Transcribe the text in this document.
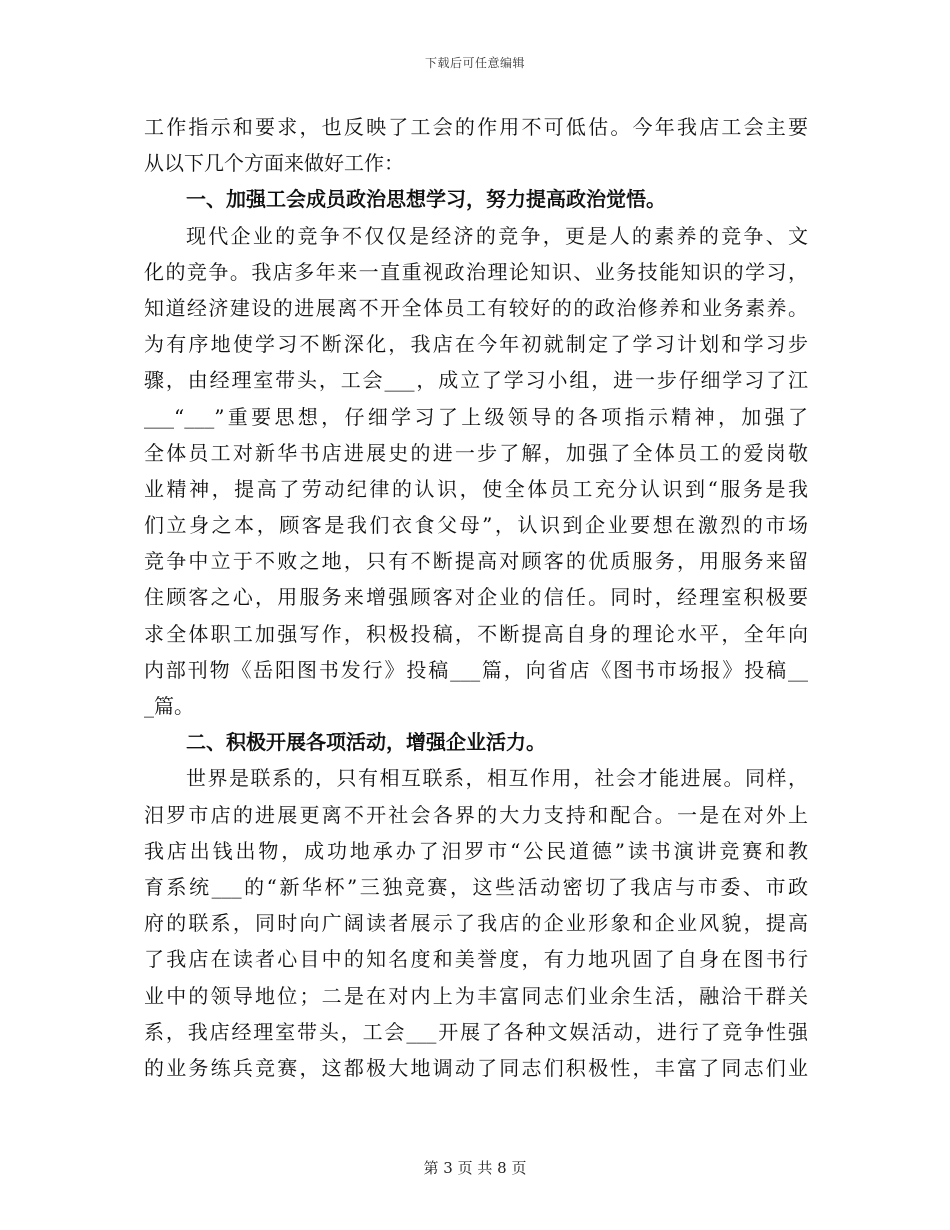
下载后可任意编辑
工作指示和要求，也反映了工会的作用不可低估。今年我店工会主要
从以下几个方面来做好工作：
一、加强工会成员政治思想学习，努力提高政治觉悟。
现代企业的竞争不仅仅是经济的竞争，更是人的素养的竞争、文
化的竞争。我店多年来一直重视政治理论知识、业务技能知识的学习，
知道经济建设的进展离不开全体员工有较好的的政治修养和业务素养。
为有序地使学习不断深化，我店在今年初就制定了学习计划和学习步
骤，由经理室带头，工会___，成立了学习小组，进一步仔细学习了江
___“___”重要思想，仔细学习了上级领导的各项指示精神，加强了
全体员工对新华书店进展史的进一步了解，加强了全体员工的爱岗敬
业精神，提高了劳动纪律的认识，使全体员工充分认识到“服务是我
们立身之本，顾客是我们衣食父母”，认识到企业要想在激烈的市场
竞争中立于不败之地，只有不断提高对顾客的优质服务，用服务来留
住顾客之心，用服务来增强顾客对企业的信任。同时，经理室积极要
求全体职工加强写作，积极投稿，不断提高自身的理论水平，全年向
内部刊物《岳阳图书发行》投稿___篇，向省店《图书市场报》投稿__
_篇。
二、积极开展各项活动，增强企业活力。
世界是联系的，只有相互联系，相互作用，社会才能进展。同样，
汨罗市店的进展更离不开社会各界的大力支持和配合。一是在对外上
我店出钱出物，成功地承办了汨罗市“公民道德”读书演讲竞赛和教
育系统___的“新华杯”三独竞赛，这些活动密切了我店与市委、市政
府的联系，同时向广阔读者展示了我店的企业形象和企业风貌，提高
了我店在读者心目中的知名度和美誉度，有力地巩固了自身在图书行
业中的领导地位；二是在对内上为丰富同志们业余生活，融洽干群关
系，我店经理室带头，工会___开展了各种文娱活动，进行了竞争性强
的业务练兵竞赛，这都极大地调动了同志们积极性，丰富了同志们业
第 3 页 共 8 页
